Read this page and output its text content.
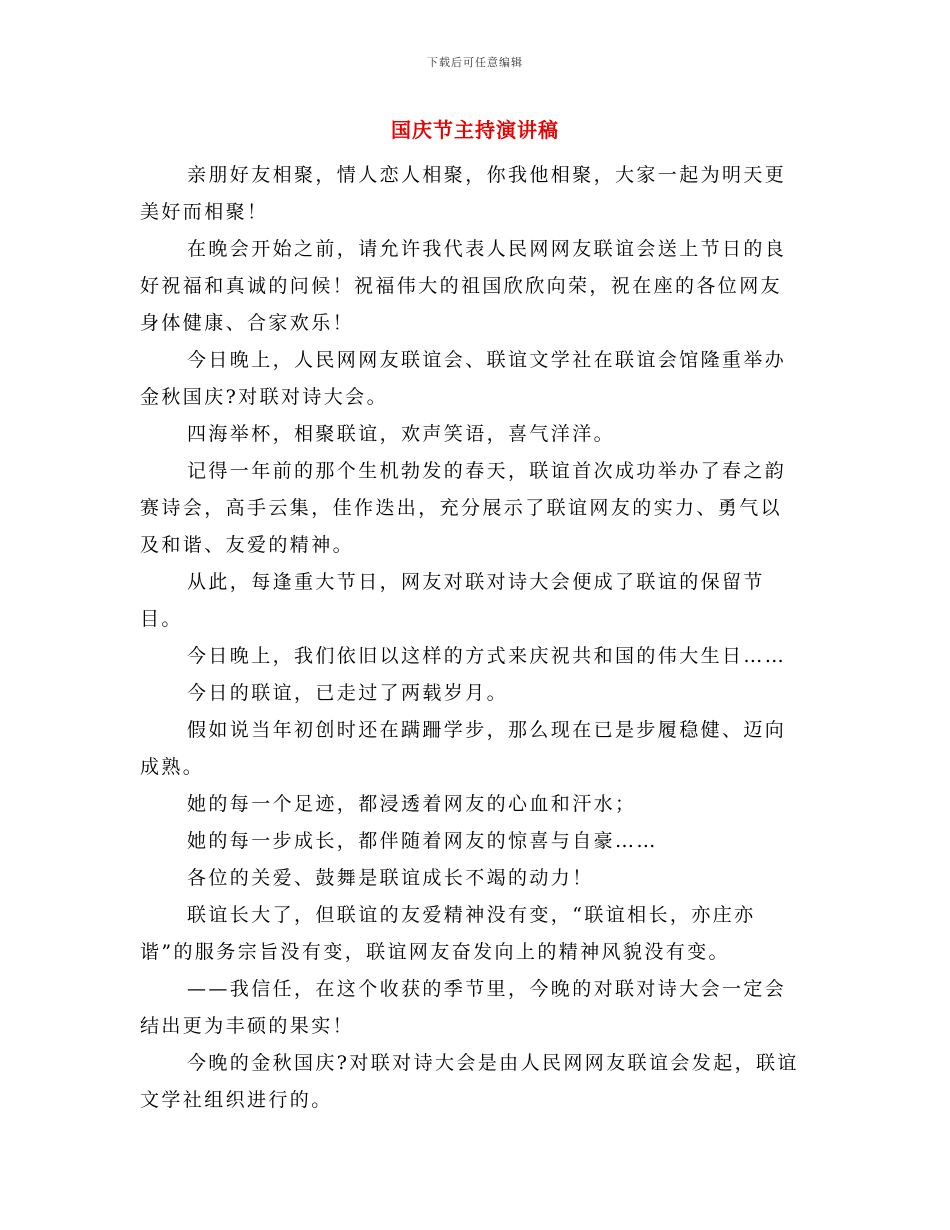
下载后可任意编辑
国庆节主持演讲稿

亲朋好友相聚，情人恋人相聚，你我他相聚，大家一起为明天更美好而相聚！

在晚会开始之前，请允许我代表人民网网友联谊会送上节日的良好祝福和真诚的问候！祝福伟大的祖国欣欣向荣，祝在座的各位网友身体健康、合家欢乐！

今日晚上，人民网网友联谊会、联谊文学社在联谊会馆隆重举办金秋国庆?对联对诗大会。

四海举杯，相聚联谊，欢声笑语，喜气洋洋。

记得一年前的那个生机勃发的春天，联谊首次成功举办了春之韵赛诗会，高手云集，佳作迭出，充分展示了联谊网友的实力、勇气以及和谐、友爱的精神。

从此，每逢重大节日，网友对联对诗大会便成了联谊的保留节目。

今日晚上，我们依旧以这样的方式来庆祝共和国的伟大生日……

今日的联谊，已走过了两载岁月。

假如说当年初创时还在蹒跚学步，那么现在已是步履稳健、迈向成熟。

她的每一个足迹，都浸透着网友的心血和汗水；

她的每一步成长，都伴随着网友的惊喜与自豪……

各位的关爱、鼓舞是联谊成长不竭的动力！

联谊长大了，但联谊的友爱精神没有变，“联谊相长，亦庄亦谐”的服务宗旨没有变，联谊网友奋发向上的精神风貌没有变。

——我信任，在这个收获的季节里，今晚的对联对诗大会一定会结出更为丰硕的果实！

今晚的金秋国庆?对联对诗大会是由人民网网友联谊会发起，联谊文学社组织进行的。
